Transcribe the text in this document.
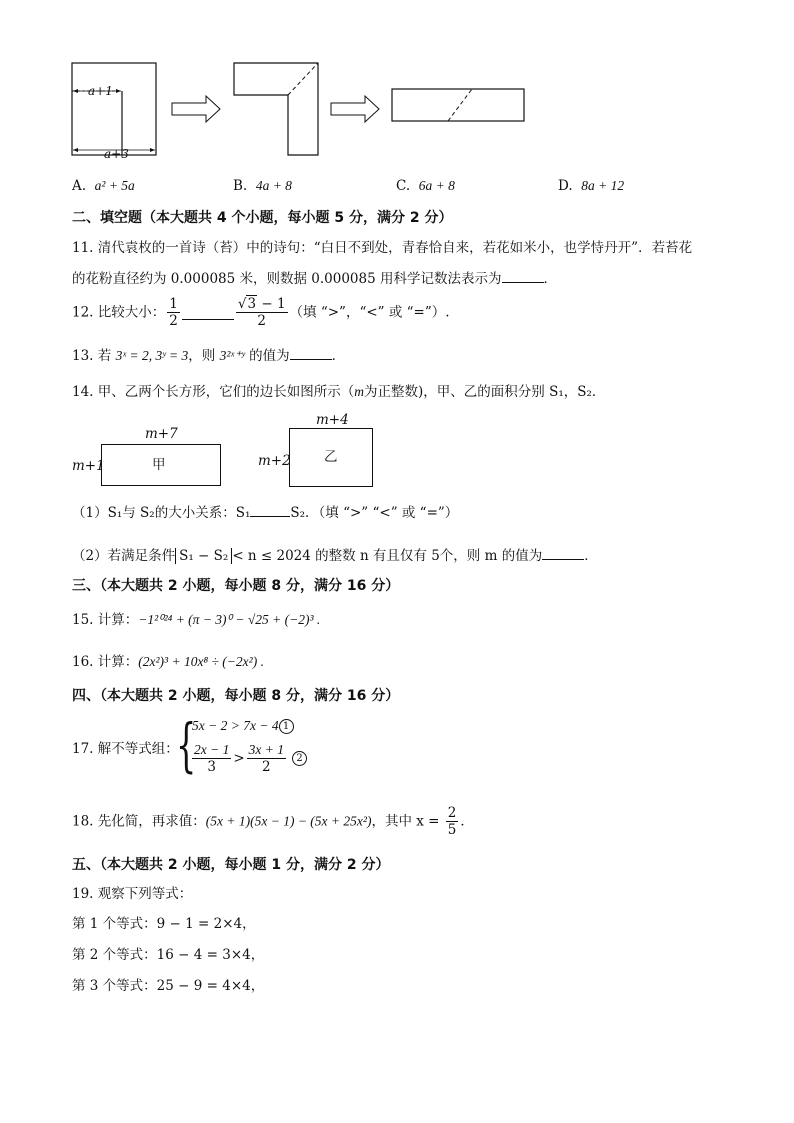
a+1
a+3
A. a² + 5a	B. 4a + 8	C. 6a + 8	D. 8a + 12
二、填空题（本大题共 4 个小题，每小题 5 分，满分 2 分）
11. 清代袁枚的一首诗（苔）中的诗句：“白日不到处，青春恰自来，若花如米小，也学恃丹开”．若苔花
的花粉直径约为 0.000085 米，则数据 0.000085 用科学记数法表示为	．
12. 比较大小： $\frac{1}{2}$	$\frac{√3 - 1}{2}$ （填 “>”，“<” 或 “=”）.
13. 若 3ˣ = 2, 3ʸ = 3，则 3²ˣ⁺ʸ 的值为	．
14. 甲、乙两个长方形，它们的边长如图所示（m为正整数)，甲、乙的面积分别 S₁，S₂．
m+7
m+1	甲
m+4
m+2 乙
（1）S₁与 S₂的大小关系：S₁	S₂．（填 “>” “<” 或 “=”）
（2）若满足条件 S₁ − S₂ < n ≤ 2024 的整数 n 有且仅有 5个，则 m 的值为	．
三、（本大题共 2 小题，每小题 8 分，满分 16 分）
15. 计算：−1²⁰²⁴ + (π − 3)⁰ − √25 + (−2)³ .
16. 计算：(2x²)³ + 10x⁸ ÷ (−2x²) .
四、（本大题共 2 小题，每小题 8 分，满分 16 分）
17. 解不等式组：
{
5x − 2 > 7x − 4 1
$\frac{2x - 1}{3} > \frac{3x + 1}{2} 2$
18. 先化简，再求值：(5x + 1)(5x − 1) − (5x + 25x²)，其中 $x = \frac{2}{5}$ ．
五、（本大题共 2 小题，每小题 1 分，满分 2 分）
19. 观察下列等式：
第 1 个等式：9 − 1 = 2×4，
第 2 个等式：16 − 4 = 3×4，
第 3 个等式：25 − 9 = 4×4，
